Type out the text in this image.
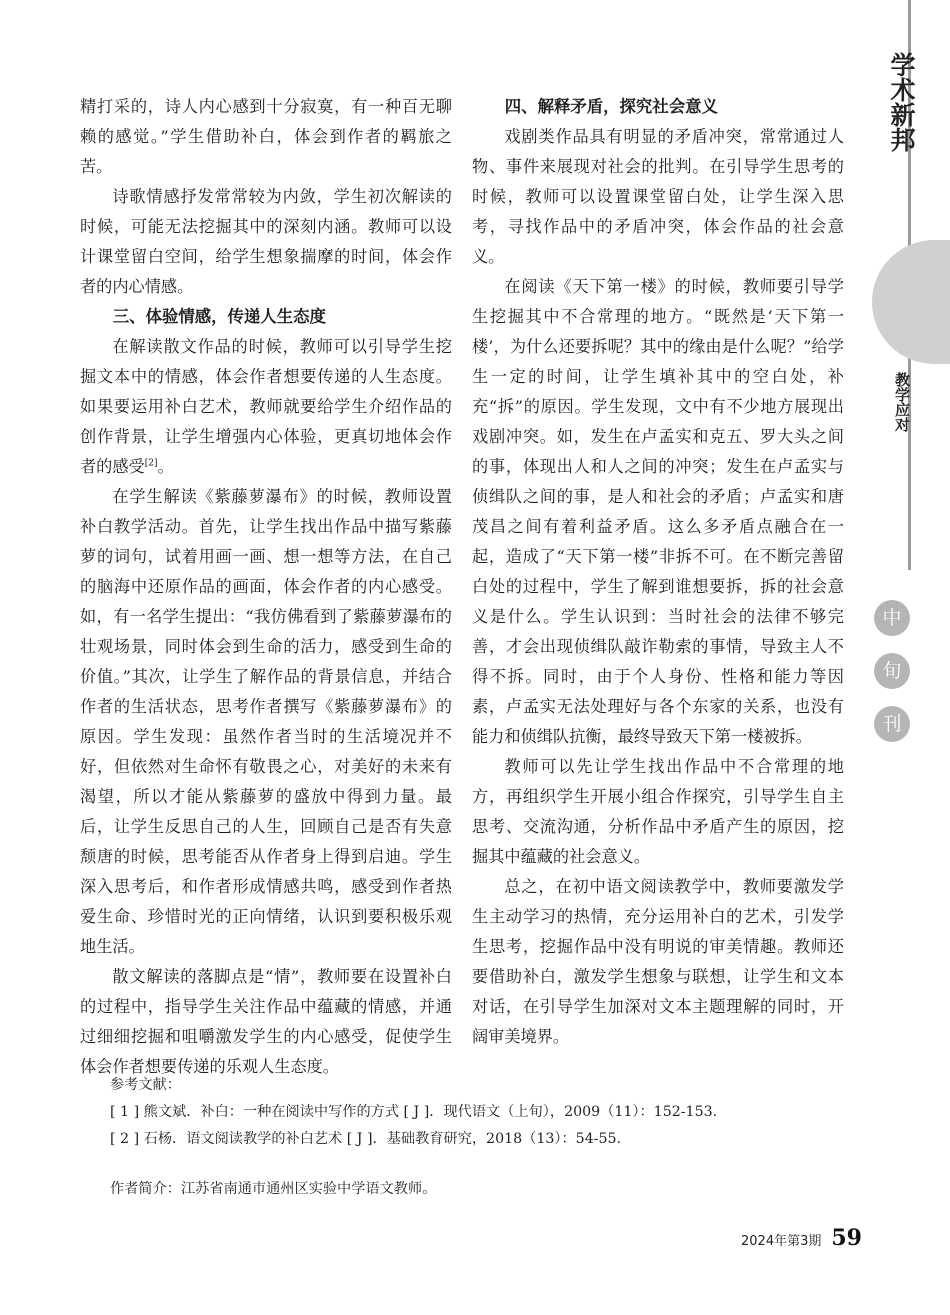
学术新邦
教学应对
中
旬
刊

精打采的，诗人内心感到十分寂寞，有一种百无聊赖的感觉。”学生借助补白，体会到作者的羁旅之苦。

诗歌情感抒发常常较为内敛，学生初次解读的时候，可能无法挖掘其中的深刻内涵。教师可以设计课堂留白空间，给学生想象揣摩的时间，体会作者的内心情感。

三、体验情感，传递人生态度

在解读散文作品的时候，教师可以引导学生挖掘文本中的情感，体会作者想要传递的人生态度。如果要运用补白艺术，教师就要给学生介绍作品的创作背景，让学生增强内心体验，更真切地体会作者的感受[2]。

在学生解读《紫藤萝瀑布》的时候，教师设置补白教学活动。首先，让学生找出作品中描写紫藤萝的词句，试着用画一画、想一想等方法，在自己的脑海中还原作品的画面，体会作者的内心感受。如，有一名学生提出：“我仿佛看到了紫藤萝瀑布的壮观场景，同时体会到生命的活力，感受到生命的价值。”其次，让学生了解作品的背景信息，并结合作者的生活状态，思考作者撰写《紫藤萝瀑布》的原因。学生发现：虽然作者当时的生活境况并不好，但依然对生命怀有敬畏之心，对美好的未来有渴望，所以才能从紫藤萝的盛放中得到力量。最后，让学生反思自己的人生，回顾自己是否有失意颓唐的时候，思考能否从作者身上得到启迪。学生深入思考后，和作者形成情感共鸣，感受到作者热爱生命、珍惜时光的正向情绪，认识到要积极乐观地生活。

散文解读的落脚点是“情”，教师要在设置补白的过程中，指导学生关注作品中蕴藏的情感，并通过细细挖掘和咀嚼激发学生的内心感受，促使学生体会作者想要传递的乐观人生态度。

四、解释矛盾，探究社会意义

戏剧类作品具有明显的矛盾冲突，常常通过人物、事件来展现对社会的批判。在引导学生思考的时候，教师可以设置课堂留白处，让学生深入思考，寻找作品中的矛盾冲突，体会作品的社会意义。

在阅读《天下第一楼》的时候，教师要引导学生挖掘其中不合常理的地方。“既然是‘天下第一楼’，为什么还要拆呢？其中的缘由是什么呢？”给学生一定的时间，让学生填补其中的空白处，补充“拆”的原因。学生发现，文中有不少地方展现出戏剧冲突。如，发生在卢孟实和克五、罗大头之间的事，体现出人和人之间的冲突；发生在卢孟实与侦缉队之间的事，是人和社会的矛盾；卢孟实和唐茂昌之间有着利益矛盾。这么多矛盾点融合在一起，造成了“天下第一楼”非拆不可。在不断完善留白处的过程中，学生了解到谁想要拆，拆的社会意义是什么。学生认识到：当时社会的法律不够完善，才会出现侦缉队敲诈勒索的事情，导致主人不得不拆。同时，由于个人身份、性格和能力等因素，卢孟实无法处理好与各个东家的关系，也没有能力和侦缉队抗衡，最终导致天下第一楼被拆。

教师可以先让学生找出作品中不合常理的地方，再组织学生开展小组合作探究，引导学生自主思考、交流沟通，分析作品中矛盾产生的原因，挖掘其中蕴藏的社会意义。

总之，在初中语文阅读教学中，教师要激发学生主动学习的热情，充分运用补白的艺术，引发学生思考，挖掘作品中没有明说的审美情趣。教师还要借助补白，激发学生想象与联想，让学生和文本对话，在引导学生加深对文本主题理解的同时，开阔审美境界。

参考文献：

[ 1 ] 熊文斌．补白：一种在阅读中写作的方式 [ J ]．现代语文（上旬），2009（11）：152-153.

[ 2 ] 石杨．语文阅读教学的补白艺术 [ J ]．基础教育研究，2018（13）：54-55.

作者简介：江苏省南通市通州区实验中学语文教师。
2024年第3期 59
